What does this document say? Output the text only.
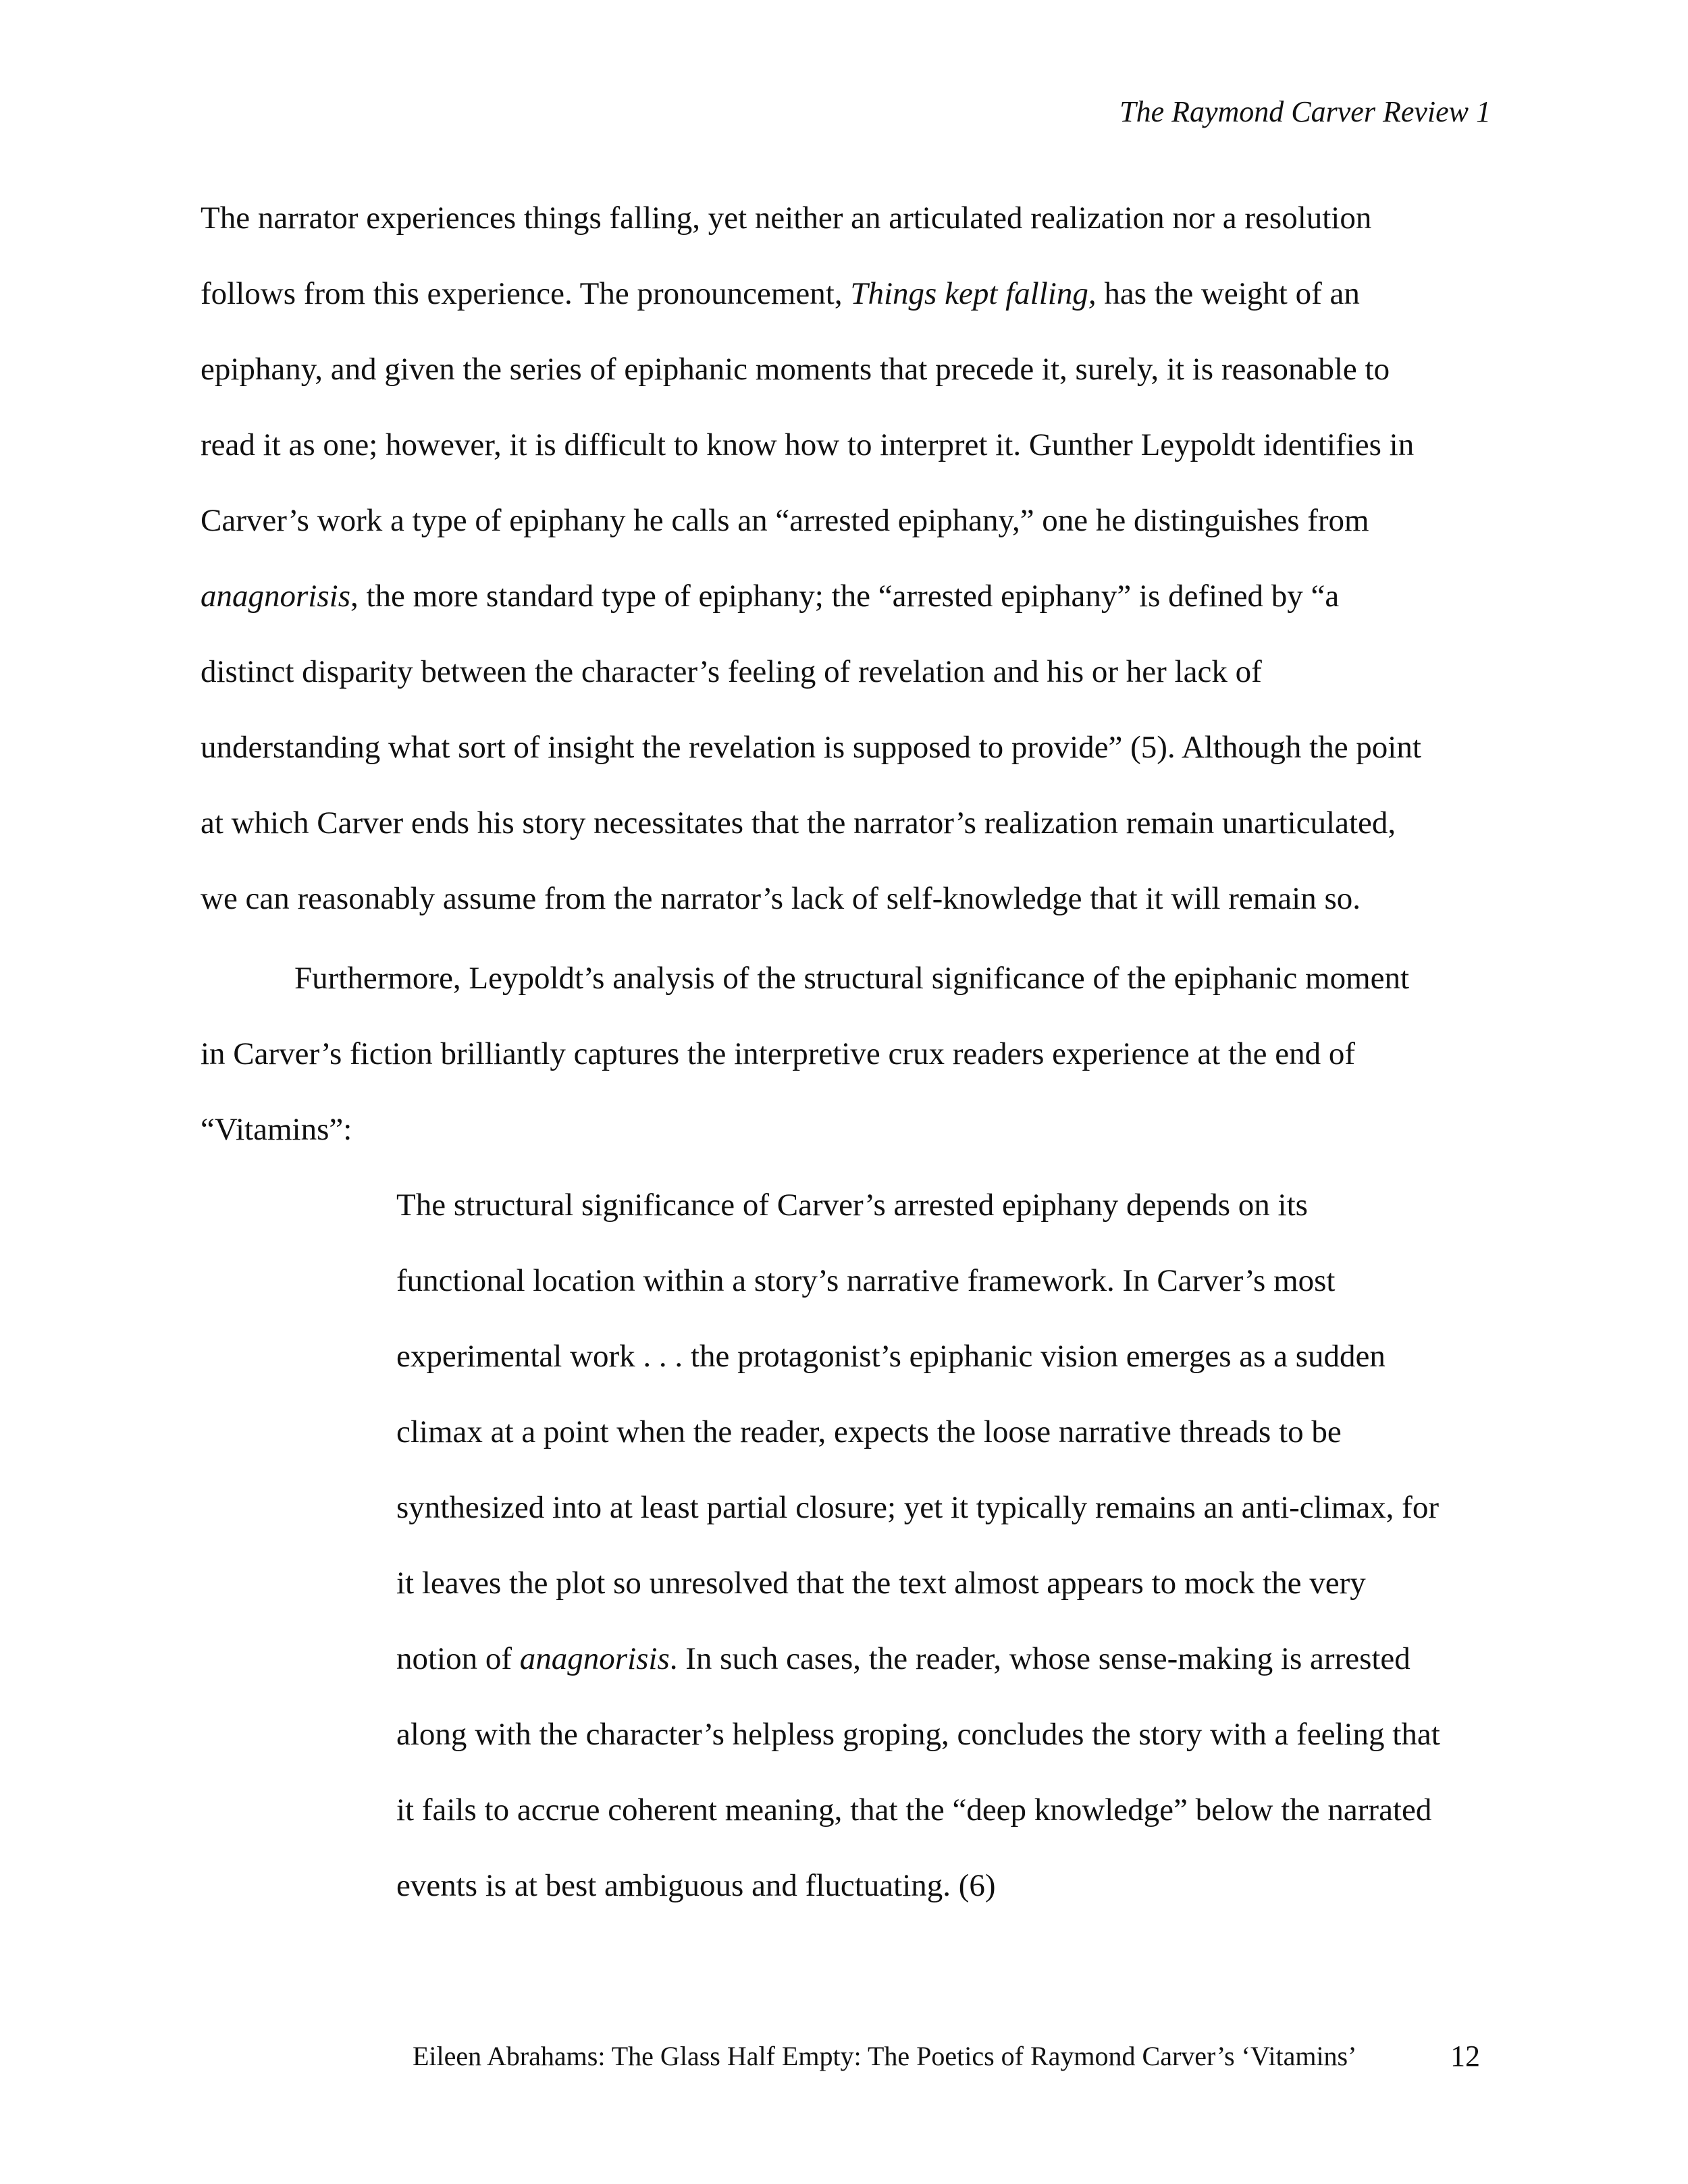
The Raymond Carver Review 1
The narrator experiences things falling, yet neither an articulated realization nor a resolution
follows from this experience. The pronouncement, Things kept falling, has the weight of an
epiphany, and given the series of epiphanic moments that precede it, surely, it is reasonable to
read it as one; however, it is difficult to know how to interpret it. Gunther Leypoldt identifies in
Carver’s work a type of epiphany he calls an “arrested epiphany,” one he distinguishes from
anagnorisis, the more standard type of epiphany; the “arrested epiphany” is defined by “a
distinct disparity between the character’s feeling of revelation and his or her lack of
understanding what sort of insight the revelation is supposed to provide” (5). Although the point
at which Carver ends his story necessitates that the narrator’s realization remain unarticulated,
we can reasonably assume from the narrator’s lack of self-knowledge that it will remain so.
Furthermore, Leypoldt’s analysis of the structural significance of the epiphanic moment
in Carver’s fiction brilliantly captures the interpretive crux readers experience at the end of
“Vitamins”:
The structural significance of Carver’s arrested epiphany depends on its
functional location within a story’s narrative framework. In Carver’s most
experimental work . . . the protagonist’s epiphanic vision emerges as a sudden
climax at a point when the reader, expects the loose narrative threads to be
synthesized into at least partial closure; yet it typically remains an anti-climax, for
it leaves the plot so unresolved that the text almost appears to mock the very
notion of anagnorisis. In such cases, the reader, whose sense-making is arrested
along with the character’s helpless groping, concludes the story with a feeling that
it fails to accrue coherent meaning, that the “deep knowledge” below the narrated
events is at best ambiguous and fluctuating. (6)
Eileen Abrahams: The Glass Half Empty: The Poetics of Raymond Carver’s ‘Vitamins’	12
